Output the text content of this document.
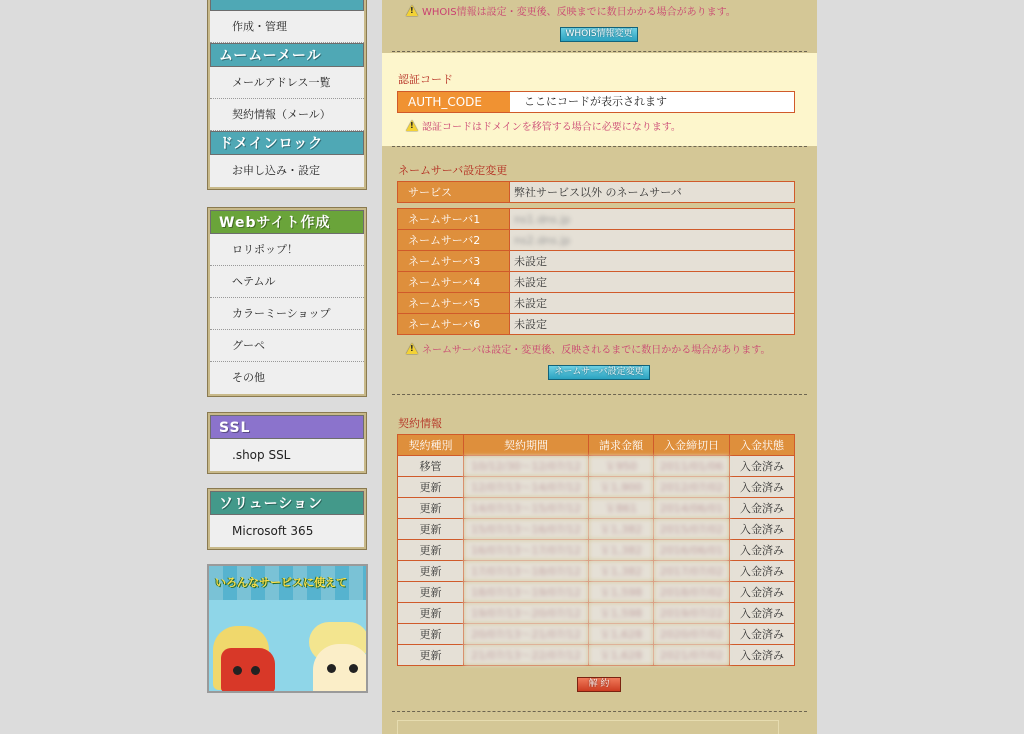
作成・管理
ムームーメール
メールアドレス一覧
契約情報（メール）
ドメインロック
お申し込み・設定
Webサイト作成
ロリポップ！
ヘテムル
カラーミーショップ
グーペ
その他
SSL
.shop SSL
ソリューション
Microsoft 365
いろんなサービスに使えて
!
WHOIS情報は設定・変更後、反映までに数日かかる場合があります。
WHOIS情報変更
認証コード
AUTH_CODE	ここにコードが表示されます
!
認証コードはドメインを移管する場合に必要になります。
ネームサーバ設定変更
サービス	弊社サービス以外 のネームサーバ
ネームサーバ1	ns1.dns.jp
ネームサーバ2	ns2.dns.jp
ネームサーバ3	未設定
ネームサーバ4	未設定
ネームサーバ5	未設定
ネームサーバ6	未設定
!
ネームサーバは設定・変更後、反映されるまでに数日かかる場合があります。
ネームサーバ設定変更
契約情報
契約種別	契約期間	請求金額	入金締切日	入金状態
移管	10/12/30〜12/07/12	￥950	2011/01/06	入金済み
更新	12/07/13〜14/07/12	￥1,900	2012/07/02	入金済み
更新	14/07/13〜15/07/12	￥861	2014/06/01	入金済み
更新	15/07/13〜16/07/12	￥1,382	2015/07/02	入金済み
更新	16/07/13〜17/07/12	￥1,382	2016/06/01	入金済み
更新	17/07/13〜18/07/12	￥1,382	2017/07/02	入金済み
更新	18/07/13〜19/07/12	￥1,598	2018/07/02	入金済み
更新	19/07/13〜20/07/12	￥1,598	2019/07/22	入金済み
更新	20/07/13〜21/07/12	￥1,628	2020/07/02	入金済み
更新	21/07/13〜22/07/12	￥1,628	2021/07/02	入金済み
解 約
